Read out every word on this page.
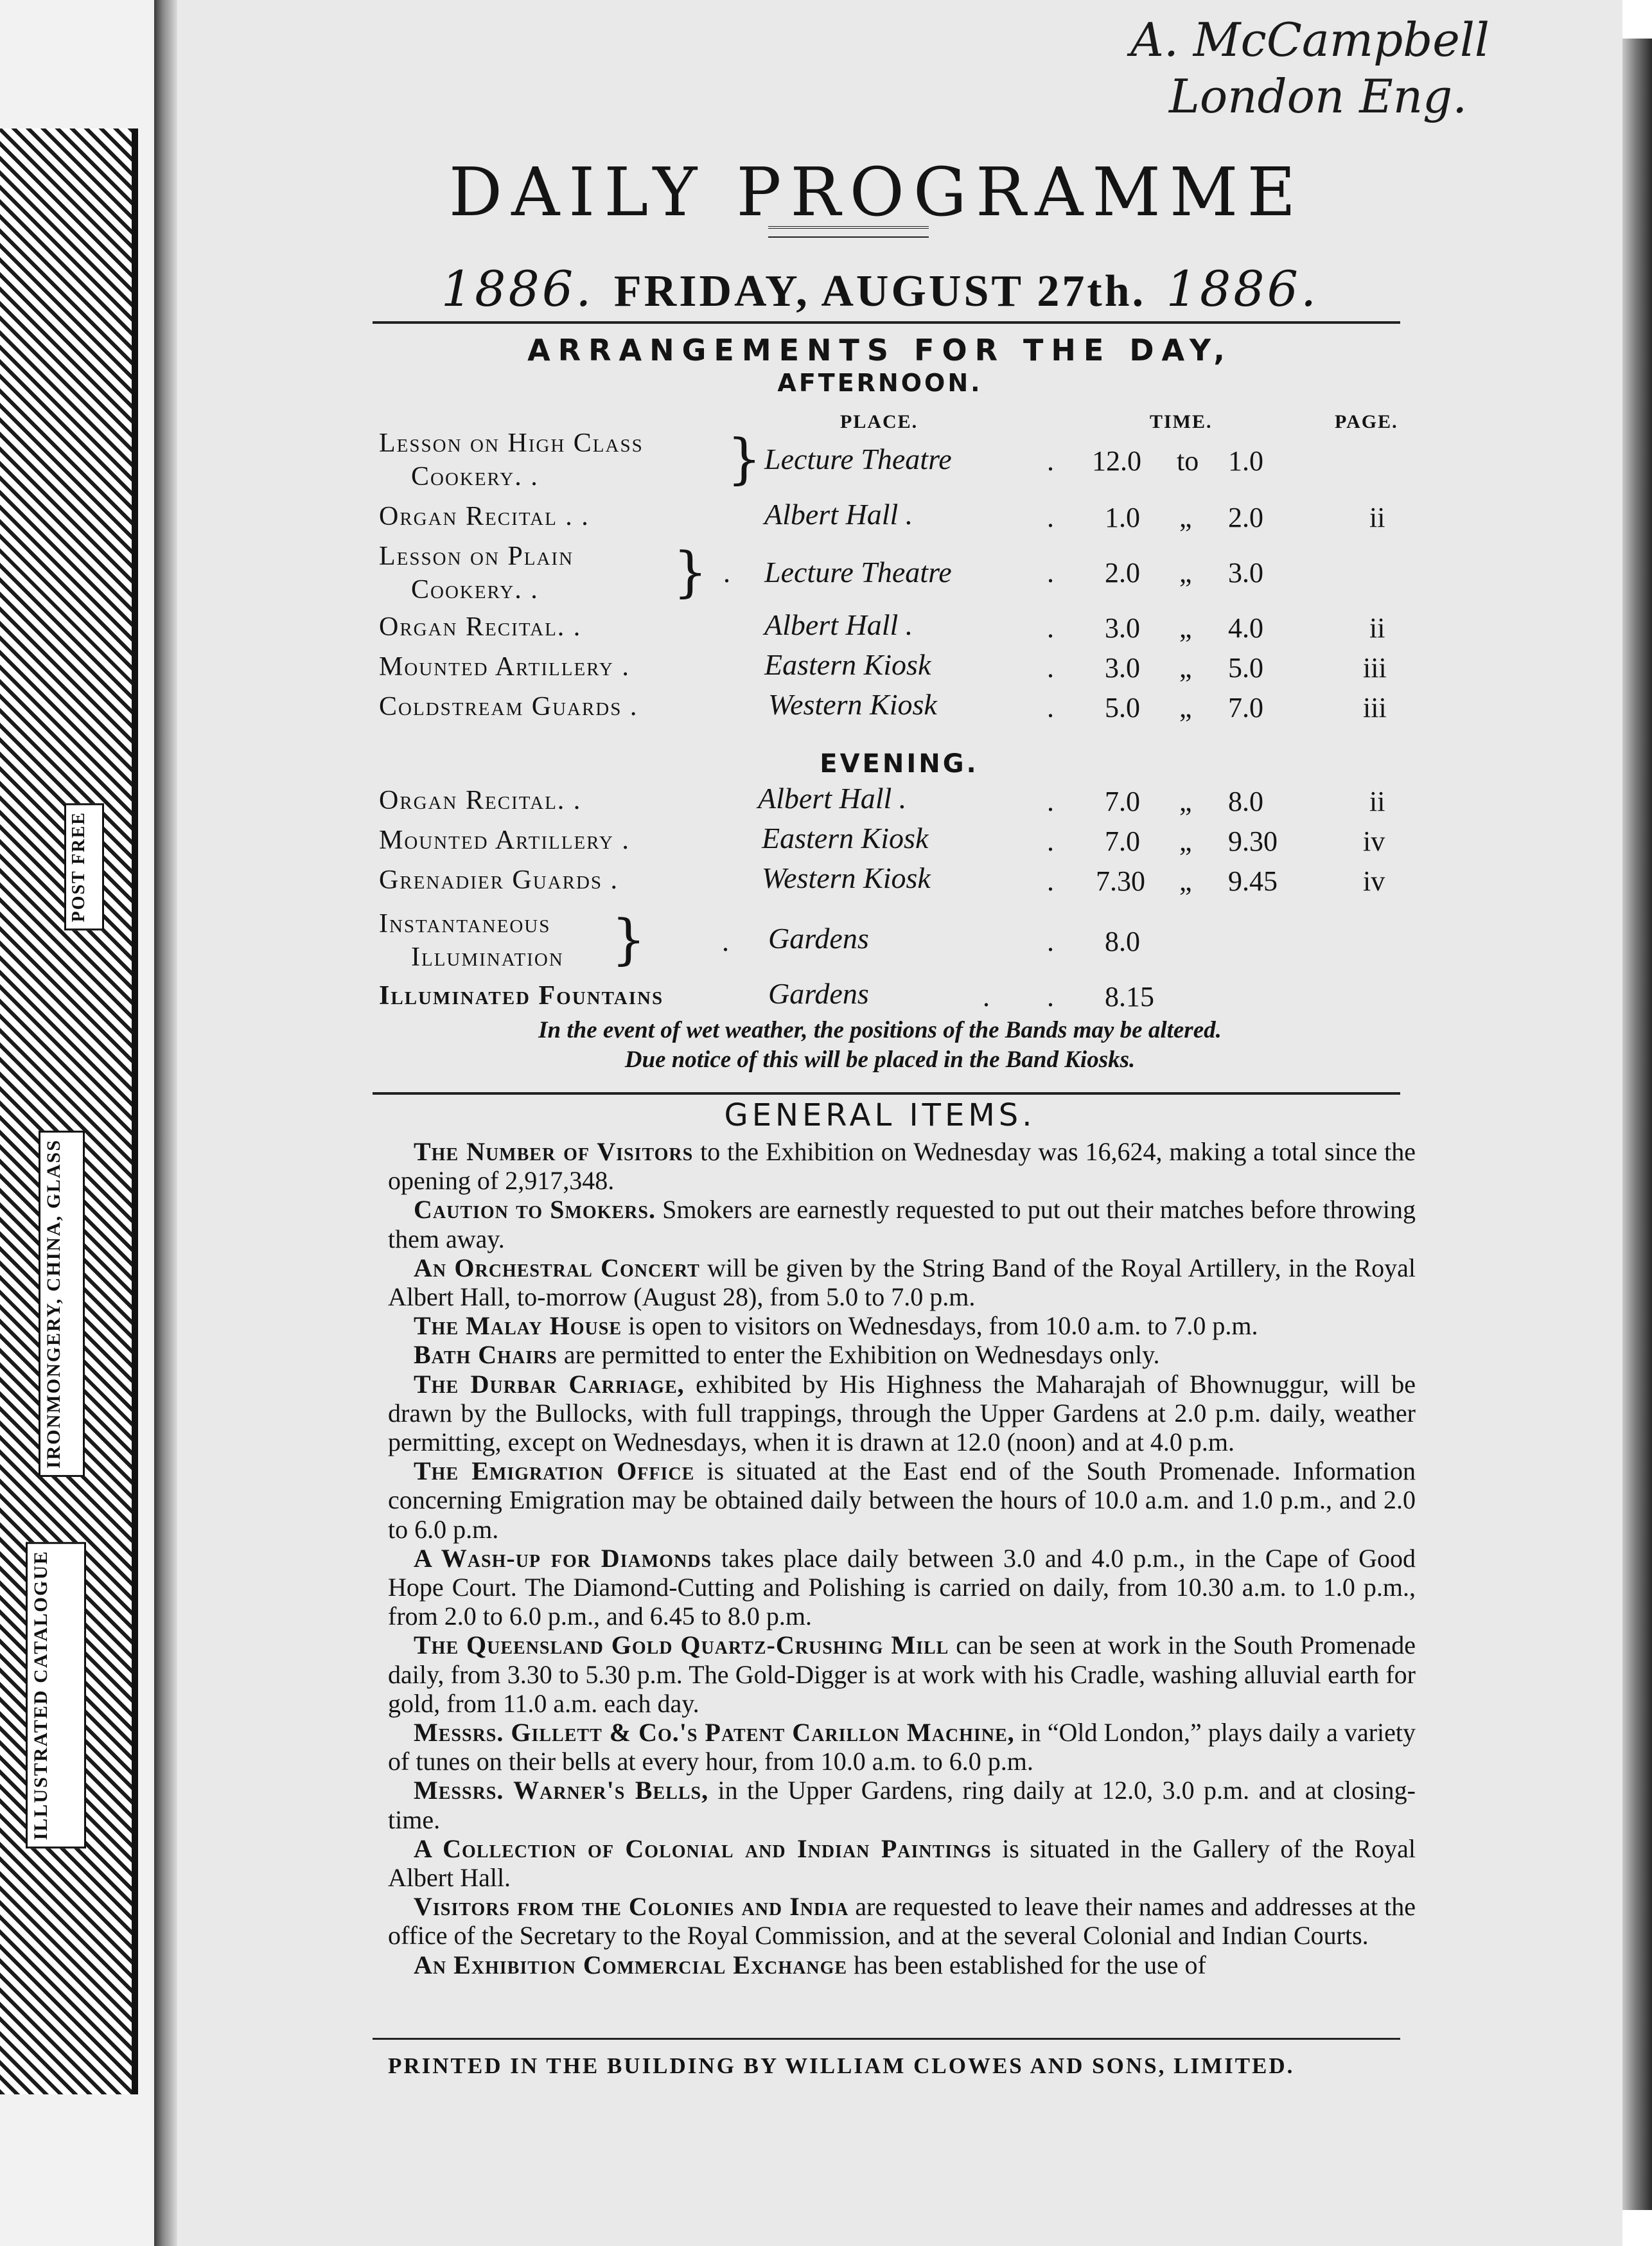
IRONMONGERY, CHINA, GLASS
ILLUSTRATED CATALOGUE
POST FREE
A. McCampbell
London Eng.
DAILY PROGRAMME
1886. FRIDAY, AUGUST 27th. 1886.
ARRANGEMENTS FOR THE DAY,
AFTERNOON.
PLACE.	TIME.	PAGE.
Lesson on High Class
Cookery. .	} Lecture Theatre	. 12.0 to 1.0
Organ Recital . .	Albert Hall .	. 1.0 „ 2.0	ii
Lesson on Plain
Cookery. . } . Lecture Theatre	. 2.0 „ 3.0
Organ Recital. .	Albert Hall .	. 3.0 „ 4.0	ii
Mounted Artillery .	Eastern Kiosk	. 3.0 „ 5.0	iii
Coldstream Guards .	Western Kiosk	. 5.0 „ 7.0	iii
EVENING.
Organ Recital. .	Albert Hall .	. 7.0 „ 8.0	ii
Mounted Artillery .	Eastern Kiosk	. 7.0 „ 9.30	iv
Grenadier Guards .	Western Kiosk	. 7.30 „ 9.45	iv
Instantaneous
Illumination }	. Gardens	. 8.0
Illuminated Fountains	Gardens	. . 8.15
In the event of wet weather, the positions of the Bands may be altered.
Due notice of this will be placed in the Band Kiosks.
GENERAL ITEMS.

The Number of Visitors to the Exhibition on Wednesday was 16,624, making a total since the opening of 2,917,348.

Caution to Smokers. Smokers are earnestly requested to put out their matches before throwing them away.

An Orchestral Concert will be given by the String Band of the Royal Artillery, in the Royal Albert Hall, to-morrow (August 28), from 5.0 to 7.0 p.m.

The Malay House is open to visitors on Wednesdays, from 10.0 a.m. to 7.0 p.m.

Bath Chairs are permitted to enter the Exhibition on Wednesdays only.

The Durbar Carriage, exhibited by His Highness the Maharajah of Bhownuggur, will be drawn by the Bullocks, with full trappings, through the Upper Gardens at 2.0 p.m. daily, weather permitting, except on Wednesdays, when it is drawn at 12.0 (noon) and at 4.0 p.m.

The Emigration Office is situated at the East end of the South Promenade. Information concerning Emigration may be obtained daily between the hours of 10.0 a.m. and 1.0 p.m., and 2.0 to 6.0 p.m.

A Wash-up for Diamonds takes place daily between 3.0 and 4.0 p.m., in the Cape of Good Hope Court. The Diamond-Cutting and Polishing is carried on daily, from 10.30 a.m. to 1.0 p.m., from 2.0 to 6.0 p.m., and 6.45 to 8.0 p.m.

The Queensland Gold Quartz-Crushing Mill can be seen at work in the South Promenade daily, from 3.30 to 5.30 p.m. The Gold-Digger is at work with his Cradle, washing alluvial earth for gold, from 11.0 a.m. each day.

Messrs. Gillett & Co.'s Patent Carillon Machine, in “Old London,” plays daily a variety of tunes on their bells at every hour, from 10.0 a.m. to 6.0 p.m.

Messrs. Warner's Bells, in the Upper Gardens, ring daily at 12.0, 3.0 p.m. and at closing-time.

A Collection of Colonial and Indian Paintings is situated in the Gallery of the Royal Albert Hall.

Visitors from the Colonies and India are requested to leave their names and addresses at the office of the Secretary to the Royal Commission, and at the several Colonial and Indian Courts.

An Exhibition Commercial Exchange has been established for the use of

PRINTED IN THE BUILDING BY WILLIAM CLOWES AND SONS, LIMITED.
